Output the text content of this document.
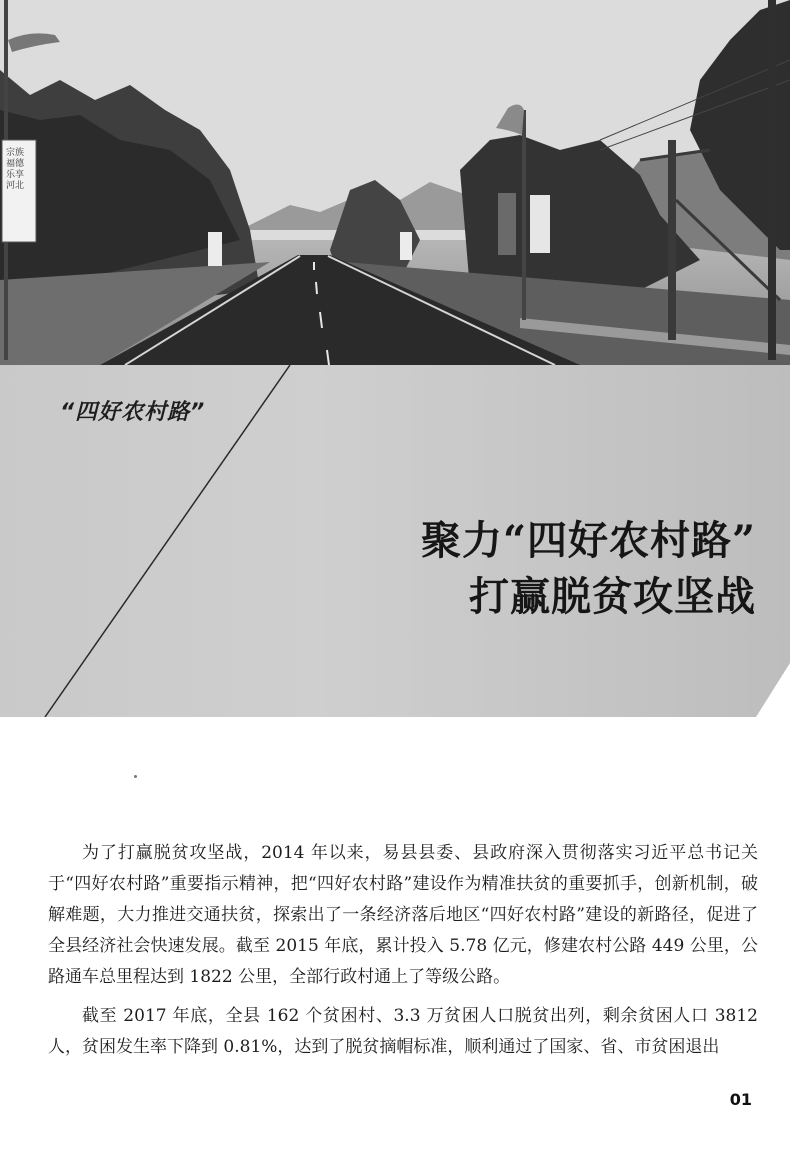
宗族福德 乐享河北
“四好农村路”
聚力“四好农村路”
打赢脱贫攻坚战

为了打赢脱贫攻坚战，2014 年以来，易县县委、县政府深入贯彻落实习近平总书记关于“四好农村路”重要指示精神，把“四好农村路”建设作为精准扶贫的重要抓手，创新机制，破解难题，大力推进交通扶贫，探索出了一条经济落后地区“四好农村路”建设的新路径，促进了全县经济社会快速发展。截至 2015 年底，累计投入 5.78 亿元，修建农村公路 449 公里，公路通车总里程达到 1822 公里，全部行政村通上了等级公路。

截至 2017 年底，全县 162 个贫困村、3.3 万贫困人口脱贫出列，剩余贫困人口 3812 人，贫困发生率下降到 0.81%，达到了脱贫摘帽标准，顺利通过了国家、省、市贫困退出

01
